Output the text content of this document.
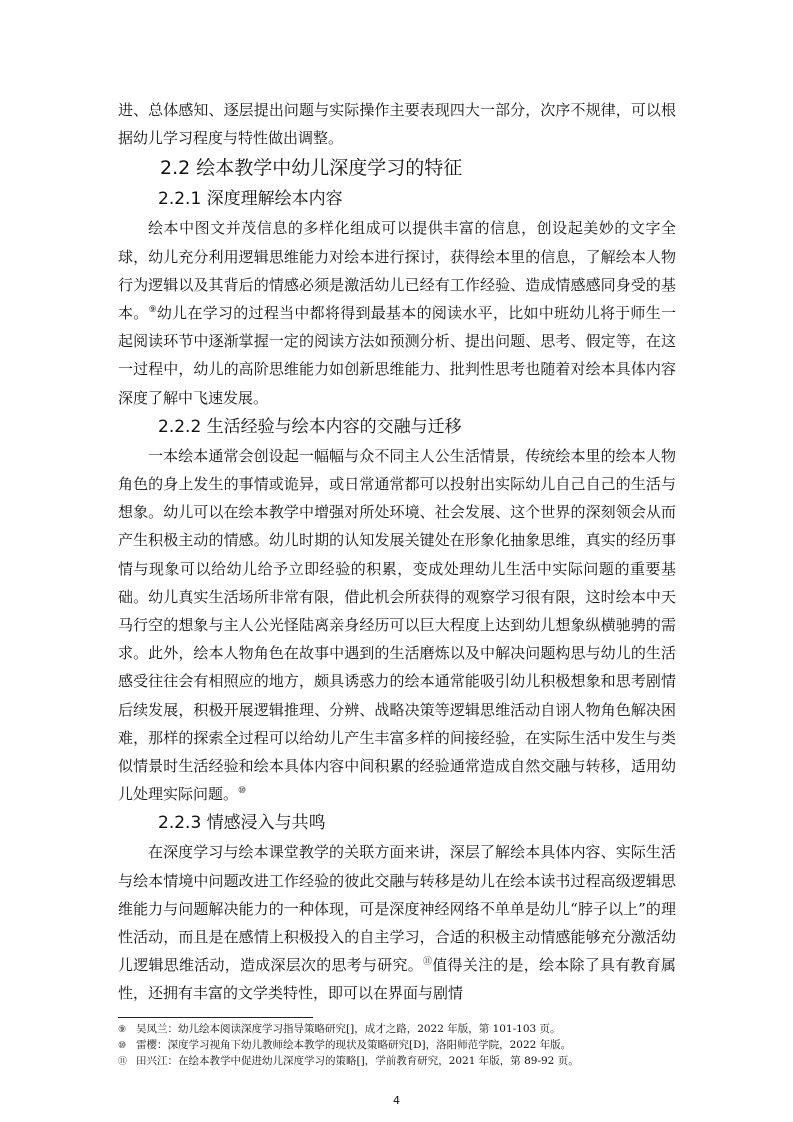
进、总体感知、逐层提出问题与实际操作主要表现四大一部分，次序不规律，可以根据幼儿学习程度与特性做出调整。

2.2 绘本教学中幼儿深度学习的特征
2.2.1 深度理解绘本内容

绘本中图文并茂信息的多样化组成可以提供丰富的信息，创设起美妙的文字全球，幼儿充分利用逻辑思维能力对绘本进行探讨，获得绘本里的信息，了解绘本人物行为逻辑以及其背后的情感必须是激活幼儿已经有工作经验、造成情感感同身受的基本。⑨幼儿在学习的过程当中都将得到最基本的阅读水平，比如中班幼儿将于师生一起阅读环节中逐渐掌握一定的阅读方法如预测分析、提出问题、思考、假定等，在这一过程中，幼儿的高阶思维能力如创新思维能力、批判性思考也随着对绘本具体内容深度了解中飞速发展。

2.2.2 生活经验与绘本内容的交融与迁移

一本绘本通常会创设起一幅幅与众不同主人公生活情景，传统绘本里的绘本人物角色的身上发生的事情或诡异，或日常通常都可以投射出实际幼儿自己自己的生活与想象。幼儿可以在绘本教学中增强对所处环境、社会发展、这个世界的深刻领会从而产生积极主动的情感。幼儿时期的认知发展关键处在形象化抽象思维，真实的经历事情与现象可以给幼儿给予立即经验的积累，变成处理幼儿生活中实际问题的重要基础。幼儿真实生活场所非常有限，借此机会所获得的观察学习很有限，这时绘本中天马行空的想象与主人公光怪陆离亲身经历可以巨大程度上达到幼儿想象纵横驰骋的需求。此外，绘本人物角色在故事中遇到的生活磨炼以及中解决问题构思与幼儿的生活感受往往会有相照应的地方，颇具诱惑力的绘本通常能吸引幼儿积极想象和思考剧情后续发展，积极开展逻辑推理、分辨、战略决策等逻辑思维活动自诩人物角色解决困难，那样的探索全过程可以给幼儿产生丰富多样的间接经验，在实际生活中发生与类似情景时生活经验和绘本具体内容中间积累的经验通常造成自然交融与转移，适用幼儿处理实际问题。⑩

2.2.3 情感浸入与共鸣

在深度学习与绘本课堂教学的关联方面来讲，深层了解绘本具体内容、实际生活与绘本情境中问题改进工作经验的彼此交融与转移是幼儿在绘本读书过程高级逻辑思维能力与问题解决能力的一种体现，可是深度神经网络不单单是幼儿“脖子以上”的理性活动，而且是在感情上积极投入的自主学习，合适的积极主动情感能够充分激活幼儿逻辑思维活动，造成深层次的思考与研究。⑪值得关注的是，绘本除了具有教育属性，还拥有丰富的文学类特性，即可以在界面与剧情

⑨ 吴凤兰：幼儿绘本阅读深度学习指导策略研究[]，成才之路，2022 年版，第 101-103 页。
⑩ 雷樱：深度学习视角下幼儿教师绘本教学的现状及策略研究[D]，洛阳师范学院，2022 年版。
⑪ 田兴江：在绘本教学中促进幼儿深度学习的策略[]，学前教育研究，2021 年版，第 89-92 页。
4
